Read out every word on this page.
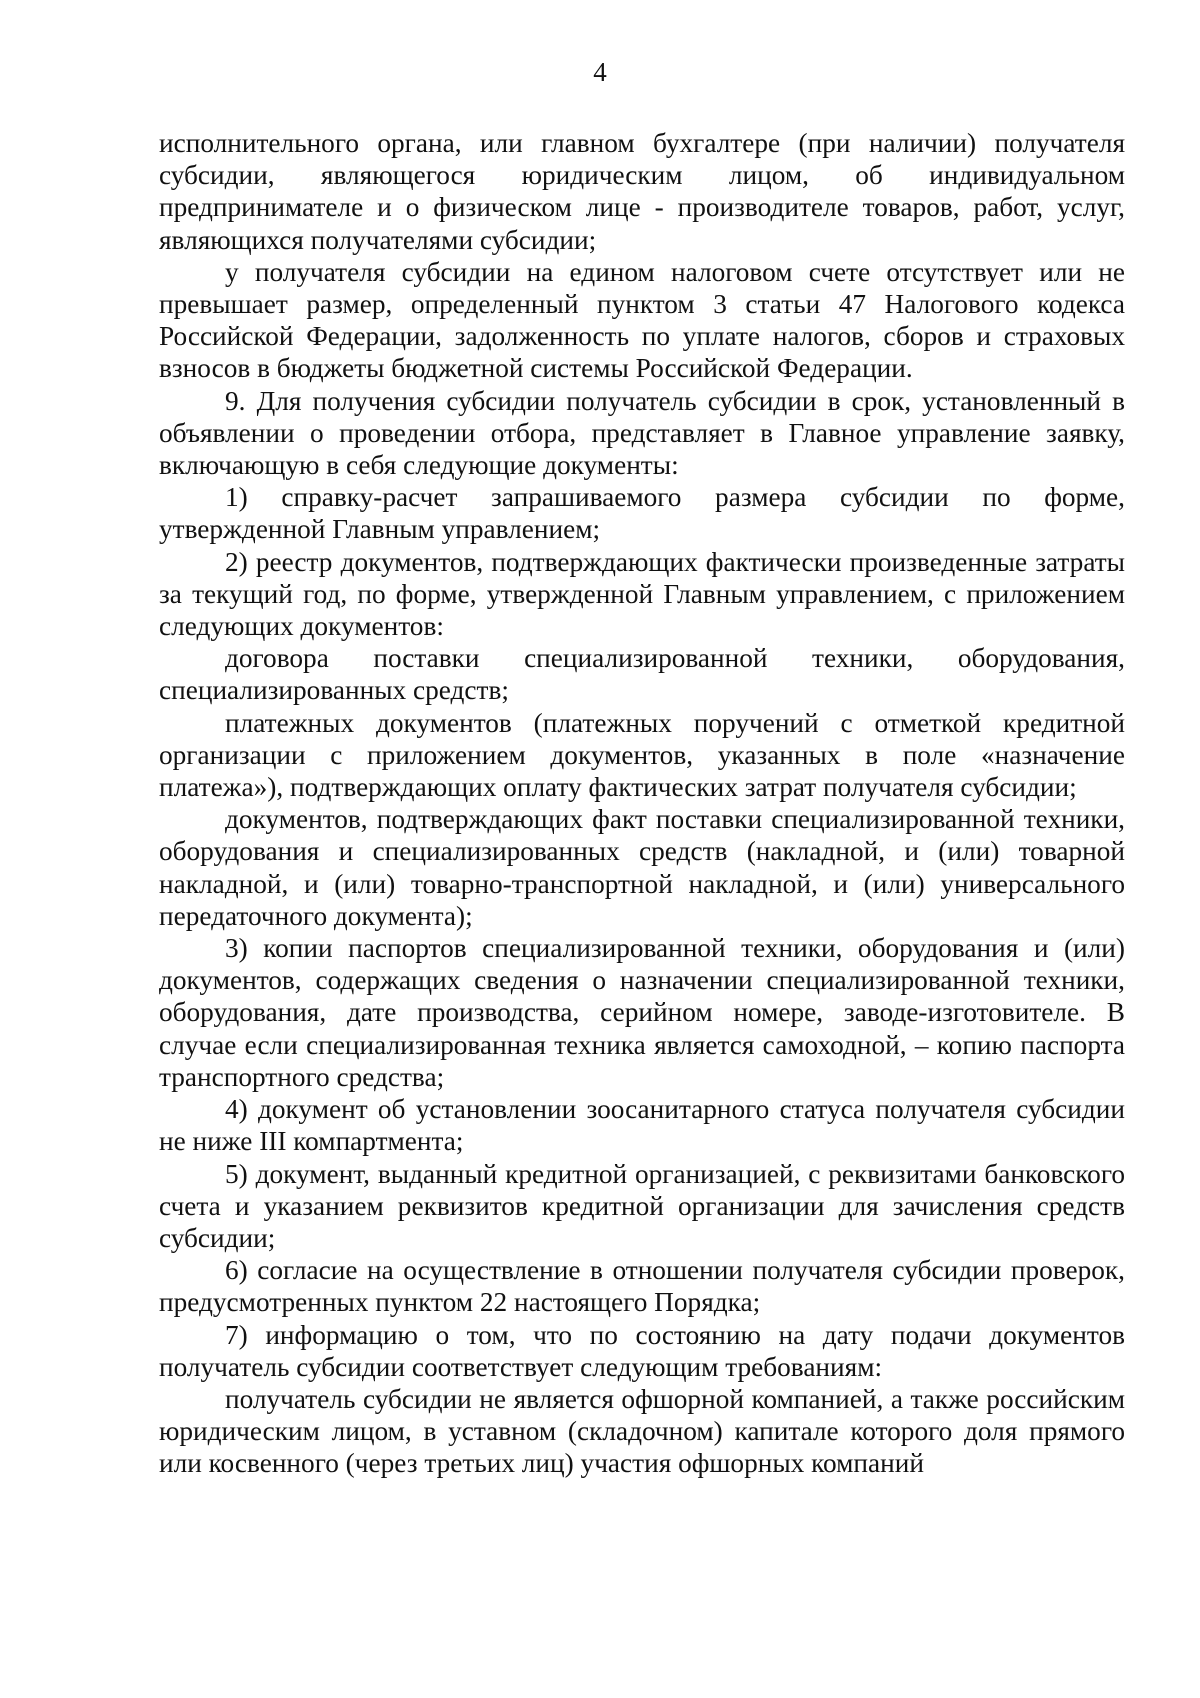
4

исполнительного органа, или главном бухгалтере (при наличии) получателя субсидии, являющегося юридическим лицом, об индивидуальном предпринимателе и о физическом лице - производителе товаров, работ, услуг, являющихся получателями субсидии;

у получателя субсидии на едином налоговом счете отсутствует или не превышает размер, определенный пунктом 3 статьи 47 Налогового кодекса Российской Федерации, задолженность по уплате налогов, сборов и страховых взносов в бюджеты бюджетной системы Российской Федерации.

9. Для получения субсидии получатель субсидии в срок, установленный в объявлении о проведении отбора, представляет в Главное управление заявку, включающую в себя следующие документы:

1) справку-расчет запрашиваемого размера субсидии по форме, утвержденной Главным управлением;

2) реестр документов, подтверждающих фактически произведенные затраты за текущий год, по форме, утвержденной Главным управлением, с приложением следующих документов:

договора поставки специализированной техники, оборудования, специализированных средств;

платежных документов (платежных поручений с отметкой кредитной организации с приложением документов, указанных в поле «назначение платежа»), подтверждающих оплату фактических затрат получателя субсидии;

документов, подтверждающих факт поставки специализированной техники, оборудования и специализированных средств (накладной, и (или) товарной накладной, и (или) товарно-транспортной накладной, и (или) универсального передаточного документа);

3) копии паспортов специализированной техники, оборудования и (или) документов, содержащих сведения о назначении специализированной техники, оборудования, дате производства, серийном номере, заводе-изготовителе. В случае если специализированная техника является самоходной, – копию паспорта транспортного средства;

4) документ об установлении зоосанитарного статуса получателя субсидии не ниже III компартмента;

5) документ, выданный кредитной организацией, с реквизитами банковского счета и указанием реквизитов кредитной организации для зачисления средств субсидии;

6) согласие на осуществление в отношении получателя субсидии проверок, предусмотренных пунктом 22 настоящего Порядка;

7) информацию о том, что по состоянию на дату подачи документов получатель субсидии соответствует следующим требованиям:

получатель субсидии не является офшорной компанией, а также российским юридическим лицом, в уставном (складочном) капитале которого доля прямого или косвенного (через третьих лиц) участия офшорных компаний
